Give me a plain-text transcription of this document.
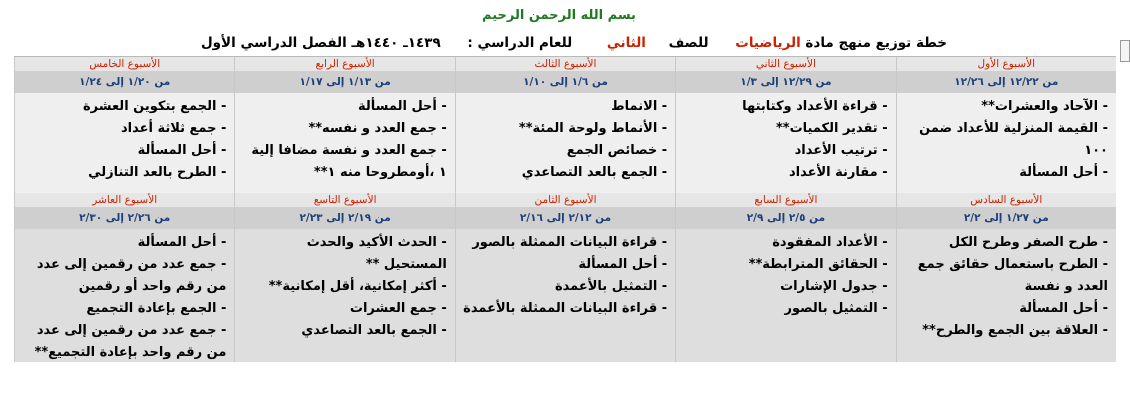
بسم الله الرحمن الرحيم
خطة توزيع منهج مادة الرياضيات للصف الثاني للعام الدراسي : ١٤٣٩ـ ١٤٤٠هـ الفصل الدراسي الأول
الأسبوع الأول
الأسبوع الثاني
الأسبوع الثالث
الأسبوع الرابع
الأسبوع الخامس
من ١٢/٢٢ إلى ١٢/٢٦
من ١٢/٢٩ إلى ١/٣
من ١/٦ إلى ١/١٠
من ١/١٣ إلى ١/١٧
من ١/٢٠ إلى ١/٢٤
- الآحاد والعشرات**
- القيمة المنزلية للأعداد ضمن ١٠٠
- أحل المسألة
- قراءة الأعداد وكتابتها
- تقدير الكميات**
- ترتيب الأعداد
- مقارنة الأعداد
- الانماط
- الأنماط ولوحة المئة**
- خصائص الجمع
- الجمع بالعد التصاعدي
- أحل المسألة
- جمع العدد و نفسه**
- جمع العدد و نفسة مضافا إلية ١ ،أومطروحا منه ١**
- الجمع بتكوين العشرة
- جمع ثلاثة أعداد
- أحل المسألة
- الطرح بالعد التنازلي
الأسبوع السادس
الأسبوع السابع
الأسبوع الثامن
الأسبوع التاسع
الأسبوع العاشر
من ١/٢٧ إلى ٢/٢
من ٢/٥ إلى ٢/٩
من ٢/١٢ إلى ٢/١٦
من ٢/١٩ إلى ٢/٢٣
من ٢/٢٦ إلى ٢/٣٠
- طرح الصفر وطرح الكل
- الطرح باستعمال حقائق جمع العدد و نفسة
- أحل المسألة
- العلاقة بين الجمع والطرح**
- الأعداد المفقودة
- الحقائق المترابطة**
- جدول الإشارات
- التمثيل بالصور
- قراءة البيانات الممثلة بالصور
- أحل المسألة
- التمثيل بالأعمدة
- قراءة البيانات الممثلة بالأعمدة
- الحدث الأكيد والحدث المستحيل **
- أكثر إمكانية، أقل إمكانية**
- جمع العشرات
- الجمع بالعد التصاعدي
- أحل المسألة
- جمع عدد من رقمين إلى عدد من رقم واحد أو رقمين
- الجمع بإعادة التجميع
- جمع عدد من رقمين إلى عدد من رقم واحد بإعادة التجميع**
